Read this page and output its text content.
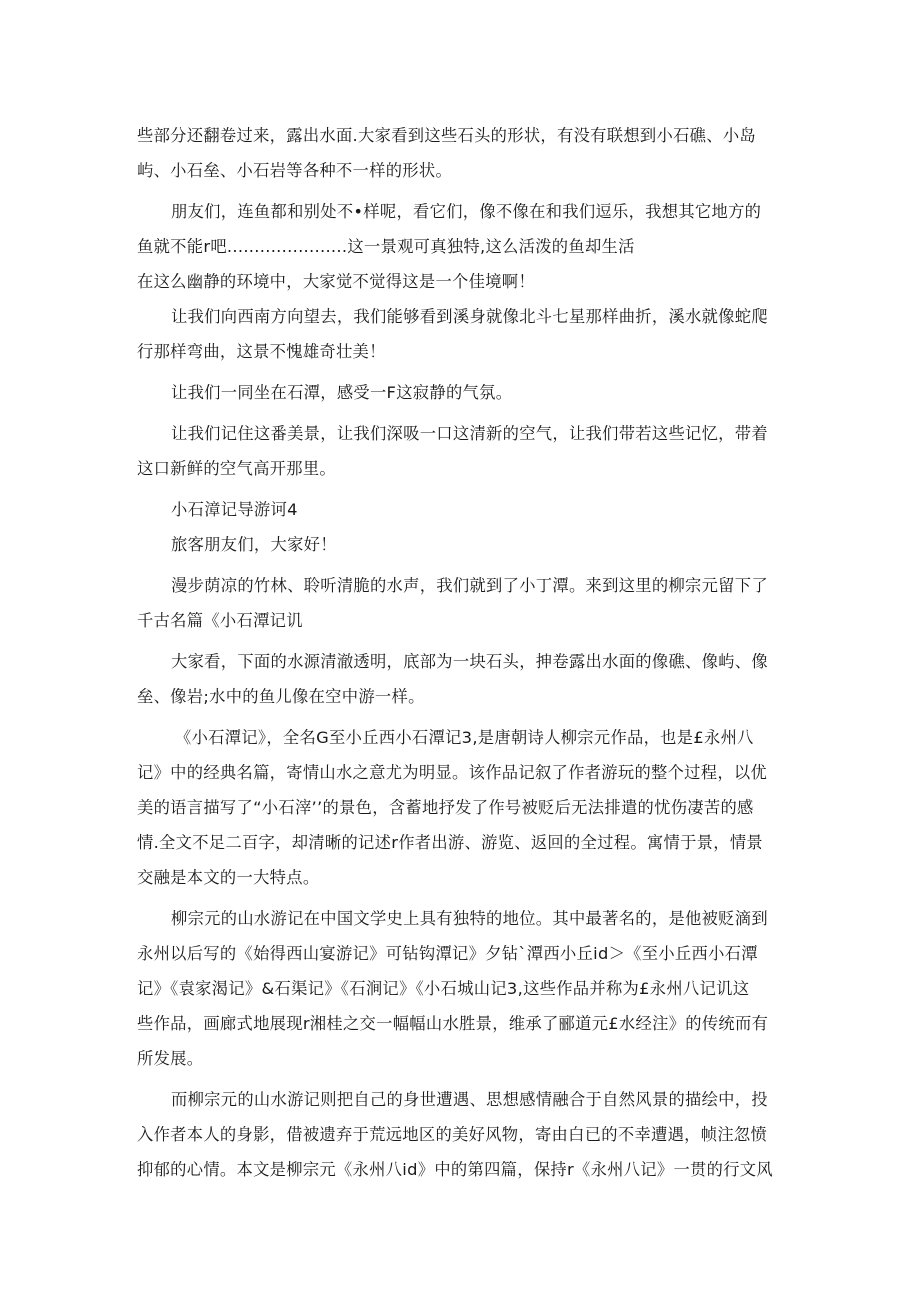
些部分还翻卷过来，露出水面.大家看到这些石头的形状，有没有联想到小石礁、小岛
屿、小石垒、小石岩等各种不一样的形状。
朋友们，连鱼都和别处不•样呢，看它们，像不像在和我们逗乐，我想其它地方的
鱼就不能r吧......................这一景观可真独特,这么活泼的鱼却生活
在这么幽静的环境中，大家觉不觉得这是一个佳境啊！
让我们向西南方向望去，我们能够看到溪身就像北斗七星那样曲折，溪水就像蛇爬
行那样弯曲，这景不愧雄奇壮美！
让我们一同坐在石潭，感受一F这寂静的气氛。
让我们记住这番美景，让我们深吸一口这清新的空气，让我们带若这些记忆，带着
这口新鲜的空气高开那里。
小石漳记导游诃4
旅客朋友们，大家好！
漫步荫凉的竹林、聆听清脆的水声，我们就到了小丁潭。来到这里的柳宗元留下了
千古名篇《小石潭记讥
大家看，下面的水源清澈透明，底部为一块石头，抻卷露出水面的像礁、像屿、像
垒、像岩;水中的鱼儿像在空中游一样。
《小石潭记》，全名G至小丘西小石潭记3,是唐朝诗人柳宗元作品，也是£永州八
记》中的经典名篇，寄情山水之意尤为明显。该作品记叙了作者游玩的整个过程，以优
美的语言描写了“小石滓’’的景色，含蓄地抒发了作号被贬后无法排遣的忧伤凄苦的感
情.全文不足二百字，却清晰的记述r作者出游、游览、返回的全过程。寓情于景，情景
交融是本文的一大特点。
柳宗元的山水游记在中国文学史上具有独特的地位。其中最著名的，是他被贬滴到
永州以后写的《始得西山宴游记》可钻钩潭记》夕钻`潭西小丘id＞《至小丘西小石潭
记》《袁家渴记》&石渠记》《石涧记》《小石城山记3,这些作品并称为£永州八记讥这
些作品，画廊式地展现r湘桂之交一幅幅山水胜景，维承了郦道元£水经注》的传统而有
所发展。
而柳宗元的山水游记则把自己的身世遭遇、思想感情融合于自然风景的描绘中，投
入作者本人的身影，借被遗弃于荒远地区的美好风物，寄由白已的不幸遭遇，帧注忽愤
抑郁的心情。本文是柳宗元《永州八id》中的第四篇，保持r《永州八记》一贯的行文风
